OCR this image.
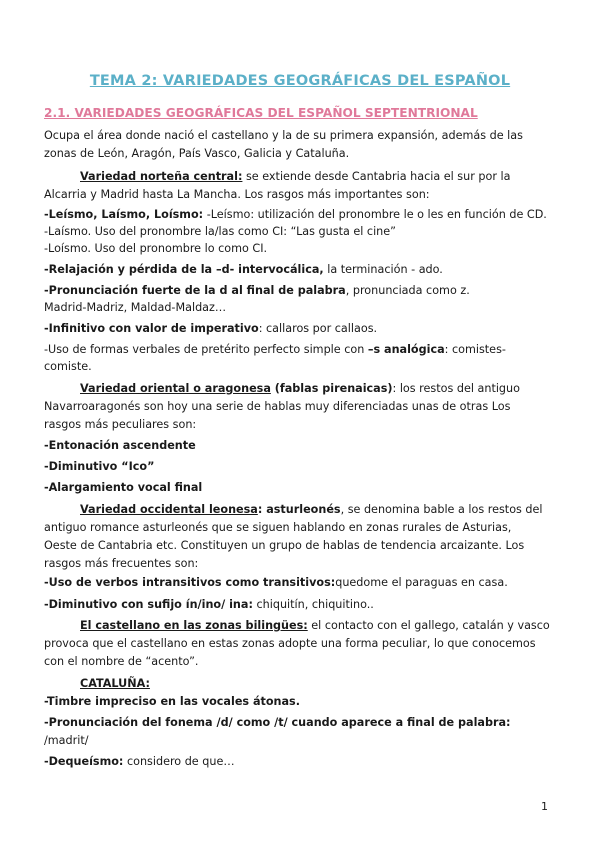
TEMA 2: VARIEDADES GEOGRÁFICAS DEL ESPAÑOL
2.1. VARIEDADES GEOGRÁFICAS DEL ESPAÑOL SEPTENTRIONAL
Ocupa el área donde nació el castellano y la de su primera expansión, además de las
zonas de León, Aragón, País Vasco, Galicia y Cataluña.
Variedad norteña central: se extiende desde Cantabria hacia el sur por la
Alcarria y Madrid hasta La Mancha. Los rasgos más importantes son:
-Leísmo, Laísmo, Loísmo: -Leísmo: utilización del pronombre le o les en función de CD.
-Laísmo. Uso del pronombre la/las como CI: “Las gusta el cine”
-Loísmo. Uso del pronombre lo como CI.
-Relajación y pérdida de la –d- intervocálica, la terminación - ado.
-Pronunciación fuerte de la d al final de palabra, pronunciada como z.
Madrid-Madriz, Maldad-Maldaz…
-Infinitivo con valor de imperativo: callaros por callaos.
-Uso de formas verbales de pretérito perfecto simple con –s analógica: comistes-
comiste.
Variedad oriental o aragonesa (fablas pirenaicas): los restos del antiguo
Navarroaragonés son hoy una serie de hablas muy diferenciadas unas de otras Los
rasgos más peculiares son:
-Entonación ascendente
-Diminutivo “Ico”
-Alargamiento vocal final
Variedad occidental leonesa: asturleonés, se denomina bable a los restos del
antiguo romance asturleonés que se siguen hablando en zonas rurales de Asturias,
Oeste de Cantabria etc. Constituyen un grupo de hablas de tendencia arcaizante. Los
rasgos más frecuentes son:
-Uso de verbos intransitivos como transitivos:quedome el paraguas en casa.
-Diminutivo con sufijo ín/ino/ ina: chiquitín, chiquitino..
El castellano en las zonas bilingües: el contacto con el gallego, catalán y vasco
provoca que el castellano en estas zonas adopte una forma peculiar, lo que conocemos
con el nombre de “acento”.
CATALUÑA:
-Timbre impreciso en las vocales átonas.
-Pronunciación del fonema /d/ como /t/ cuando aparece a final de palabra:
/madrit/
-Dequeísmo: considero de que…
1
